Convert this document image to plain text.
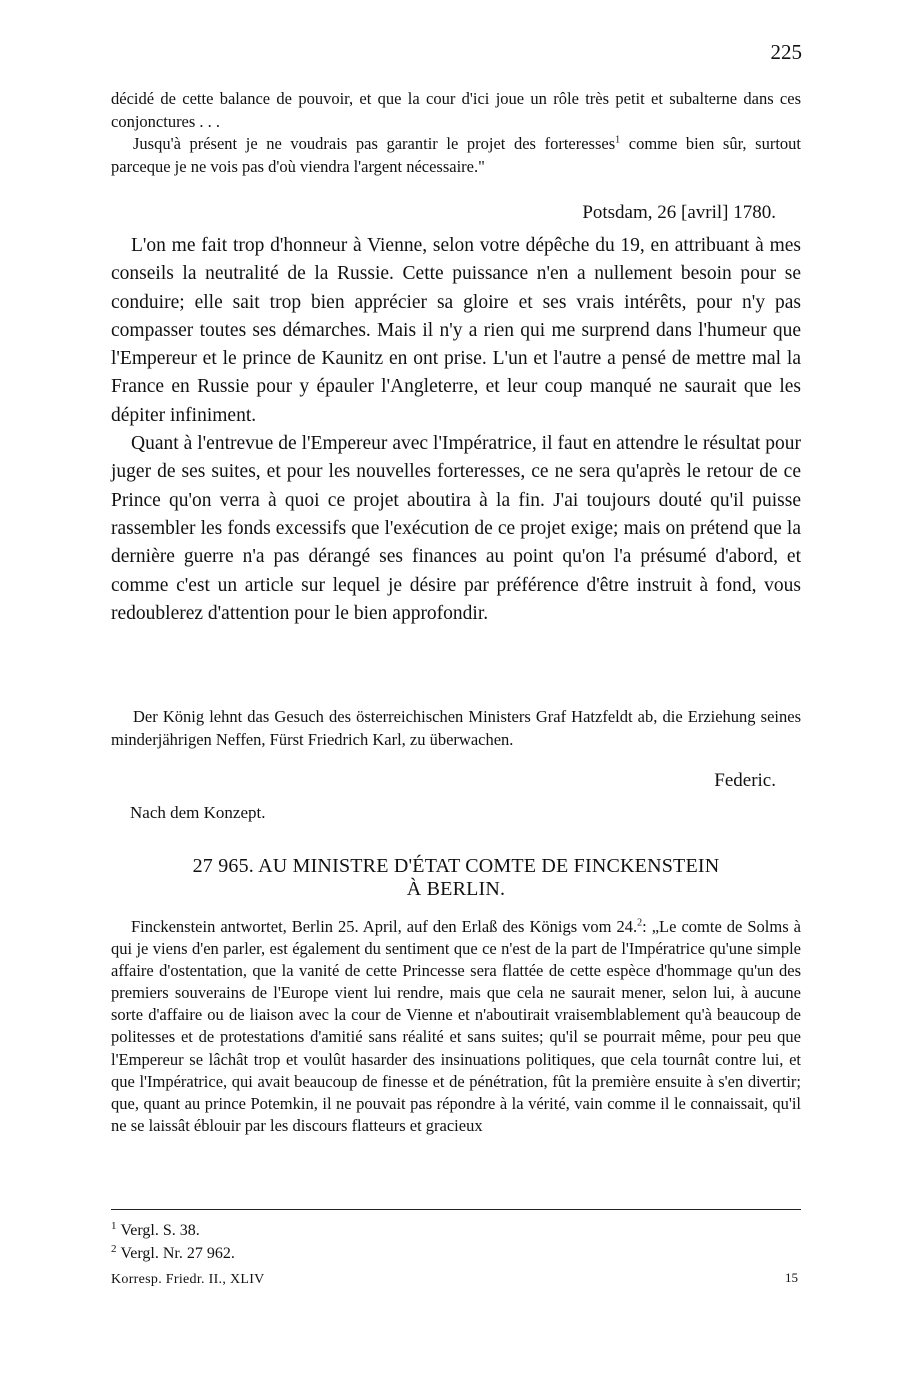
225

décidé de cette balance de pouvoir, et que la cour d'ici joue un rôle très petit et subalterne dans ces conjonctures . . .

Jusqu'à présent je ne voudrais pas garantir le projet des forteresses$^1$ comme bien sûr, surtout parceque je ne vois pas d'où viendra l'argent nécessaire."

Potsdam, 26 [avril] 1780.

L'on me fait trop d'honneur à Vienne, selon votre dépêche du 19, en attribuant à mes conseils la neutralité de la Russie. Cette puissance n'en a nullement besoin pour se conduire; elle sait trop bien apprécier sa gloire et ses vrais intérêts, pour n'y pas compasser toutes ses démarches. Mais il n'y a rien qui me surprend dans l'humeur que l'Empereur et le prince de Kaunitz en ont prise. L'un et l'autre a pensé de mettre mal la France en Russie pour y épauler l'Angleterre, et leur coup manqué ne saurait que les dépiter infiniment.

Quant à l'entrevue de l'Empereur avec l'Impératrice, il faut en attendre le résultat pour juger de ses suites, et pour les nouvelles forteresses, ce ne sera qu'après le retour de ce Prince qu'on verra à quoi ce projet aboutira à la fin. J'ai toujours douté qu'il puisse rassembler les fonds excessifs que l'exécution de ce projet exige; mais on prétend que la dernière guerre n'a pas dérangé ses finances au point qu'on l'a présumé d'abord, et comme c'est un article sur lequel je désire par préférence d'être instruit à fond, vous redoublerez d'attention pour le bien approfondir.

Der König lehnt das Gesuch des österreichischen Ministers Graf Hatzfeldt ab, die Erziehung seines minderjährigen Neffen, Fürst Friedrich Karl, zu überwachen.

Federic.
Nach dem Konzept.
27 965. AU MINISTRE D'ÉTAT COMTE DE FINCKENSTEIN
À BERLIN.

Finckenstein antwortet, Berlin 25. April, auf den Erlaß des Königs vom 24.$^2$: „Le comte de Solms à qui je viens d'en parler, est également du sentiment que ce n'est de la part de l'Impératrice qu'une simple affaire d'ostentation, que la vanité de cette Princesse sera flattée de cette espèce d'hommage qu'un des premiers souverains de l'Europe vient lui rendre, mais que cela ne saurait mener, selon lui, à aucune sorte d'affaire ou de liaison avec la cour de Vienne et n'aboutirait vraisemblablement qu'à beaucoup de politesses et de protestations d'amitié sans réalité et sans suites; qu'il se pourrait même, pour peu que l'Empereur se lâchât trop et voulût hasarder des insinuations politiques, que cela tournât contre lui, et que l'Impératrice, qui avait beaucoup de finesse et de pénétration, fût la première ensuite à s'en divertir; que, quant au prince Potemkin, il ne pouvait pas répondre à la vérité, vain comme il le connaissait, qu'il ne se laissât éblouir par les discours flatteurs et gracieux

$^1$ Vergl. S. 38.
$^2$ Vergl. Nr. 27 962.
Korresp. Friedr. II., XLIV	15
